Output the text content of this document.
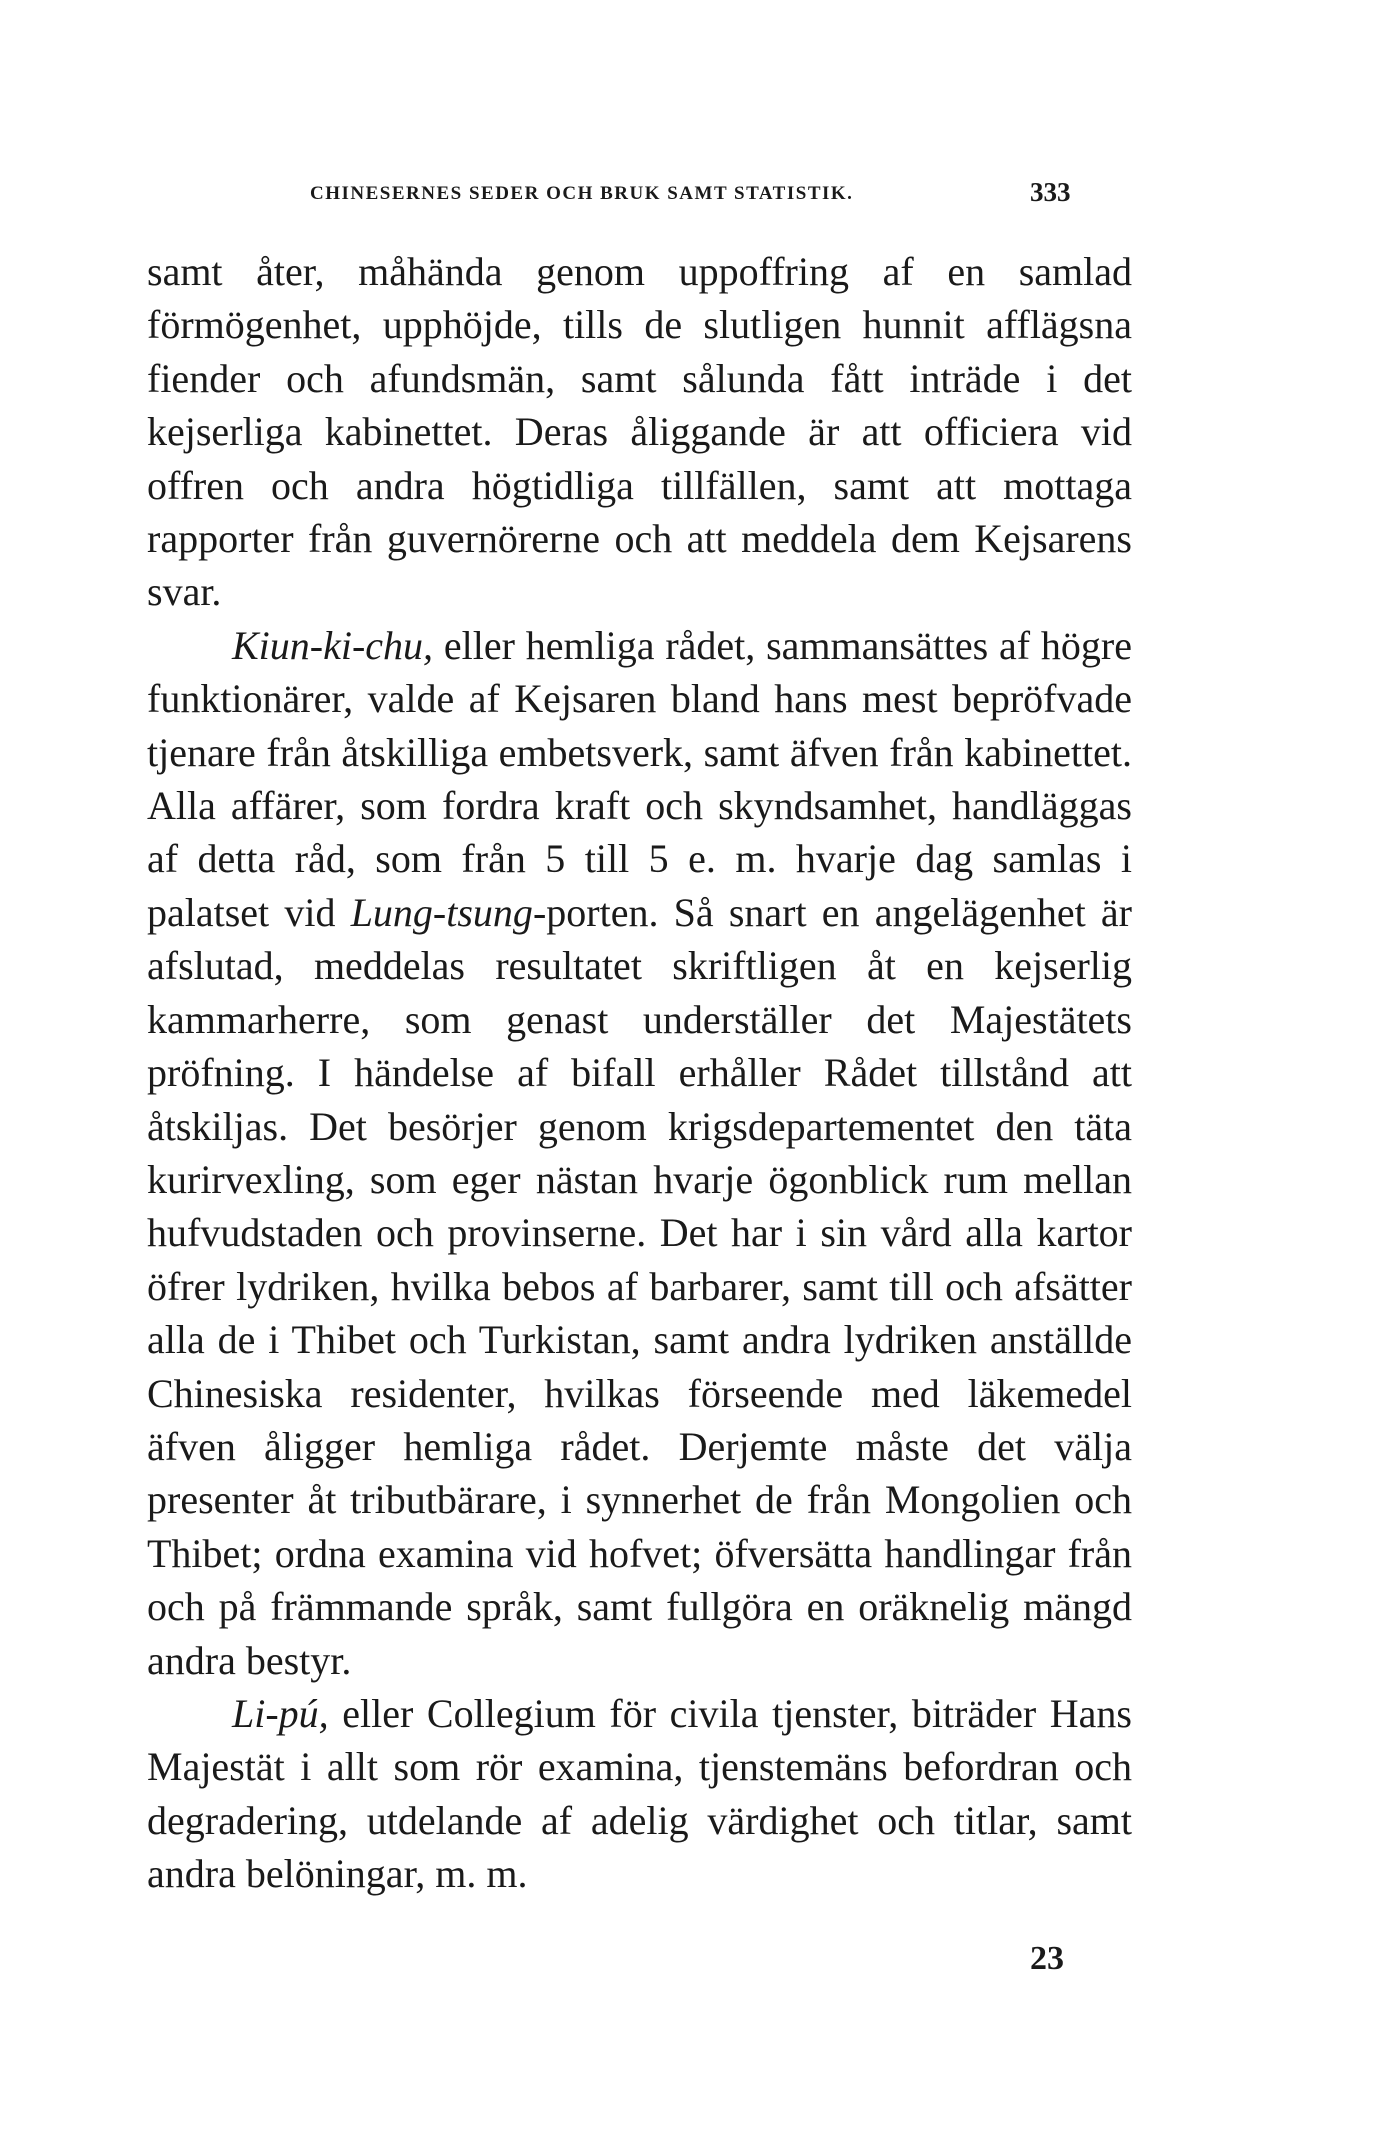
CHINESERNES SEDER OCH BRUK SAMT STATISTIK.	333

samt åter, måhända genom uppoffring af en samlad förmögenhet, upphöjde, tills de slutligen hunnit afflägsna fiender och afundsmän, samt sålunda fått inträde i det kejserliga kabinettet. Deras åliggande är att officiera vid offren och andra högtidliga tillfällen, samt att mottaga rapporter från guvernörerne och att meddela dem Kejsarens svar.

Kiun-ki-chu, eller hemliga rådet, sammansättes af högre funktionärer, valde af Kejsaren bland hans mest bepröfvade tjenare från åtskilliga embetsverk, samt äfven från kabinettet. Alla affärer, som fordra kraft och skyndsamhet, handläggas af detta råd, som från 5 till 5 e. m. hvarje dag samlas i palatset vid Lung-tsung-porten. Så snart en angelägenhet är afslutad, meddelas resultatet skriftligen åt en kejserlig kammarherre, som genast underställer det Majestätets pröfning. I händelse af bifall erhåller Rådet tillstånd att åtskiljas. Det besörjer genom krigsdepartementet den täta kurirvexling, som eger nästan hvarje ögonblick rum mellan hufvudstaden och provinserne. Det har i sin vård alla kartor öfrer lydriken, hvilka bebos af barbarer, samt till och afsätter alla de i Thibet och Turkistan, samt andra lydriken anställde Chinesiska residenter, hvilkas förseende med läkemedel äfven åligger hemliga rådet. Derjemte måste det välja presenter åt tributbärare, i synnerhet de från Mongolien och Thibet; ordna examina vid hofvet; öfversätta handlingar från och på främmande språk, samt fullgöra en oräknelig mängd andra bestyr.

Li-pú, eller Collegium för civila tjenster, biträder Hans Majestät i allt som rör examina, tjenstemäns befordran och degradering, utdelande af adelig värdighet och titlar, samt andra belöningar, m. m.

23
